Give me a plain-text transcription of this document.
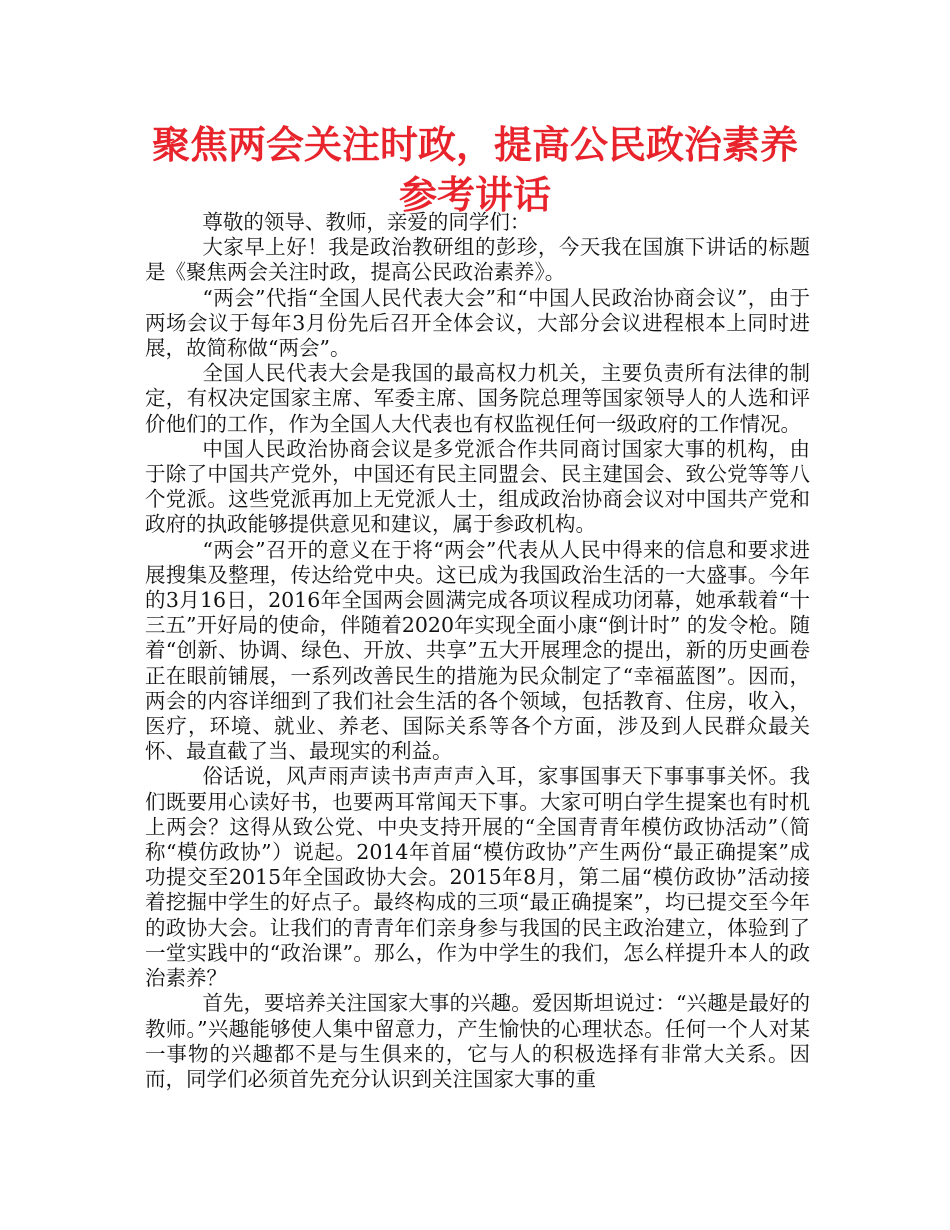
聚焦两会关注时政，提高公民政治素养参考讲话

尊敬的领导、教师，亲爱的同学们：

大家早上好！我是政治教研组的彭珍，今天我在国旗下讲话的标题是《聚焦两会关注时政，提高公民政治素养》。

“两会”代指“全国人民代表大会”和“中国人民政治协商会议”，由于两场会议于每年3月份先后召开全体会议，大部分会议进程根本上同时进展，故简称做“两会”。

全国人民代表大会是我国的最高权力机关，主要负责所有法律的制定，有权决定国家主席、军委主席、国务院总理等国家领导人的人选和评价他们的工作，作为全国人大代表也有权监视任何一级政府的工作情况。

中国人民政治协商会议是多党派合作共同商讨国家大事的机构，由于除了中国共产党外，中国还有民主同盟会、民主建国会、致公党等等八个党派。这些党派再加上无党派人士，组成政治协商会议对中国共产党和政府的执政能够提供意见和建议，属于参政机构。

“两会”召开的意义在于将“两会”代表从人民中得来的信息和要求进展搜集及整理，传达给党中央。这已成为我国政治生活的一大盛事。今年的3月16日，2016年全国两会圆满完成各项议程成功闭幕，她承载着“十三五”开好局的使命，伴随着2020年实现全面小康“倒计时” 的发令枪。随着“创新、协调、绿色、开放、共享”五大开展理念的提出，新的历史画卷正在眼前铺展，一系列改善民生的措施为民众制定了“幸福蓝图”。因而，两会的内容详细到了我们社会生活的各个领域，包括教育、住房，收入，医疗，环境、就业、养老、国际关系等各个方面，涉及到人民群众最关怀、最直截了当、最现实的利益。

俗话说，风声雨声读书声声声入耳，家事国事天下事事事关怀。我们既要用心读好书，也要两耳常闻天下事。大家可明白学生提案也有时机上两会？这得从致公党、中央支持开展的“全国青青年模仿政协活动”（简称“模仿政协”）说起。2014年首届“模仿政协”产生两份“最正确提案”成功提交至2015年全国政协大会。2015年8月，第二届“模仿政协”活动接着挖掘中学生的好点子。最终构成的三项“最正确提案”，均已提交至今年的政协大会。让我们的青青年们亲身参与我国的民主政治建立，体验到了一堂实践中的“政治课”。那么，作为中学生的我们，怎么样提升本人的政治素养？

首先，要培养关注国家大事的兴趣。爱因斯坦说过：“兴趣是最好的教师。”兴趣能够使人集中留意力，产生愉快的心理状态。任何一个人对某一事物的兴趣都不是与生俱来的，它与人的积极选择有非常大关系。因而，同学们必须首先充分认识到关注国家大事的重
